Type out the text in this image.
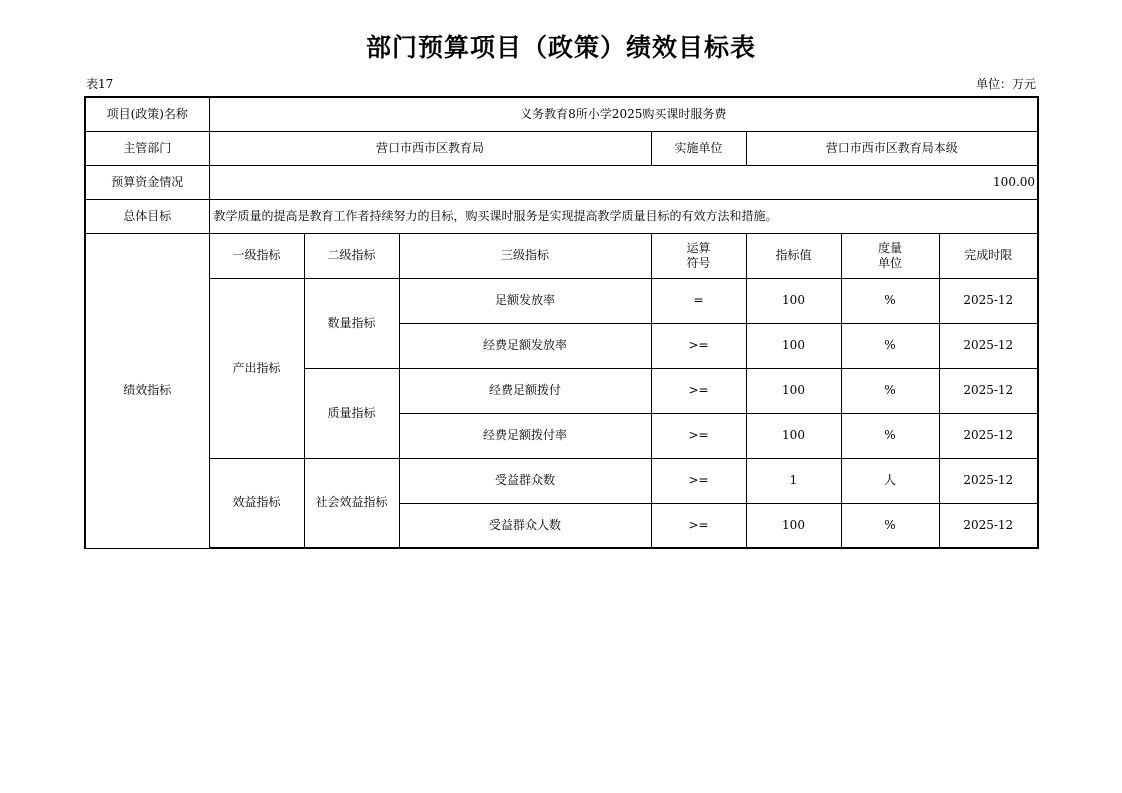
部门预算项目（政策）绩效目标表
表17	单位：万元
项目(政策)名称	义务教育8所小学2025购买课时服务费						
主管部门	营口市西市区教育局			实施单位	营口市西市区教育局本级		
预算资金情况	100.00						
总体目标	教学质量的提高是教育工作者持续努力的目标，购买课时服务是实现提高教学质量目标的有效方法和措施。						
绩效指标	一级指标	二级指标	三级指标	运算符号	指标值	度量单位	完成时限
	产出指标	数量指标	足额发放率	=	100	%	2025-12
			经费足额发放率	>=	100	%	2025-12
		质量指标	经费足额拨付	>=	100	%	2025-12
			经费足额拨付率	>=	100	%	2025-12
	效益指标	社会效益指标	受益群众数	>=	1	人	2025-12
			受益群众人数	>=	100	%	2025-12
